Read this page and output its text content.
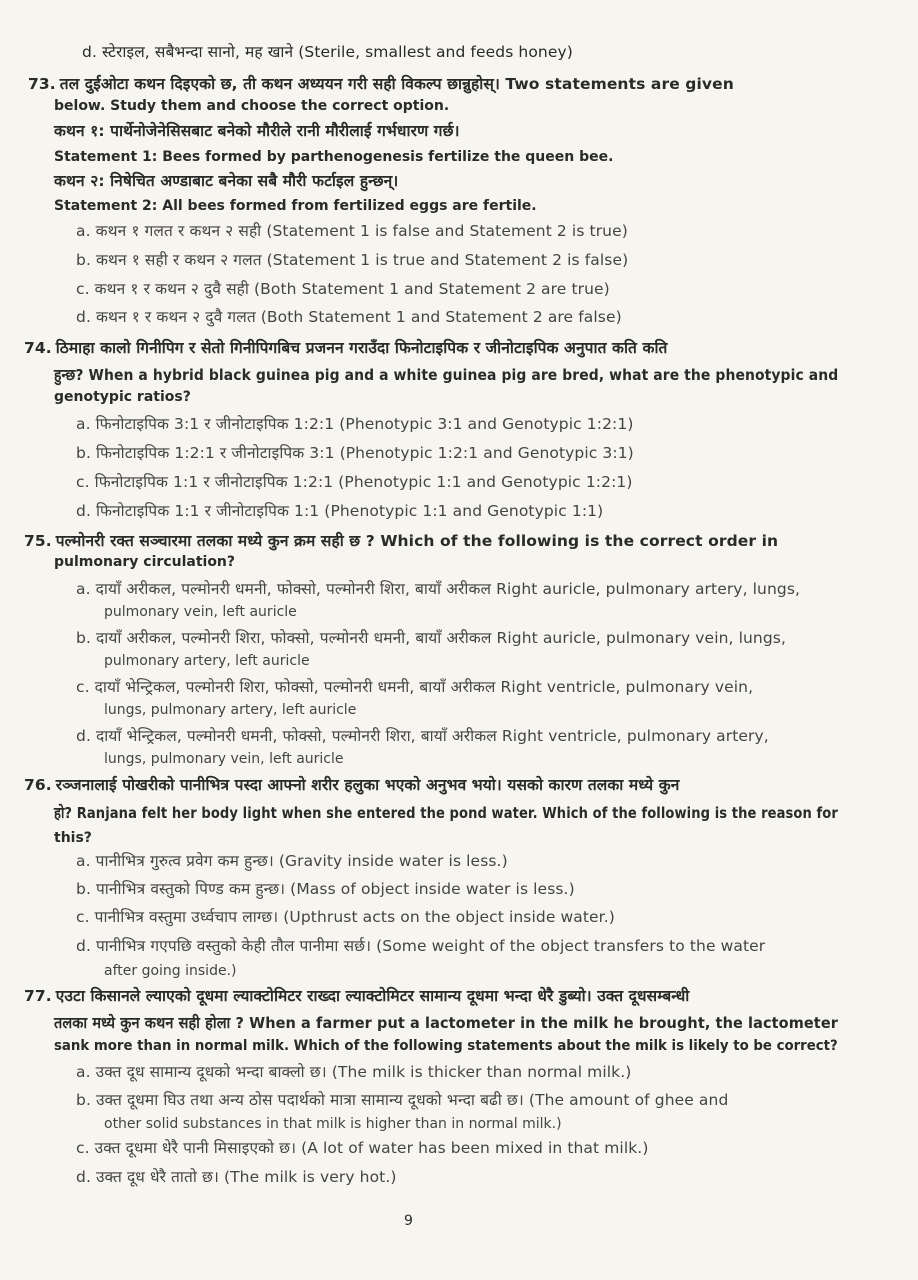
d. स्टेराइल, सबैभन्दा सानो, मह खाने (Sterile, smallest and feeds honey)
73. तल दुईओटा कथन दिइएको छ, ती कथन अध्ययन गरी सही विकल्प छान्नुहोस्। Two statements are given
below. Study them and choose the correct option.
कथन १: पार्थेनोजेनेसिसबाट बनेको मौरीले रानी मौरीलाई गर्भधारण गर्छ।
Statement 1: Bees formed by parthenogenesis fertilize the queen bee.
कथन २: निषेचित अण्डाबाट बनेका सबै मौरी फर्टाइल हुन्छन्।
Statement 2: All bees formed from fertilized eggs are fertile.
a. कथन १ गलत र कथन २ सही (Statement 1 is false and Statement 2 is true)
b. कथन १ सही र कथन २ गलत (Statement 1 is true and Statement 2 is false)
c. कथन १ र कथन २ दुवै सही (Both Statement 1 and Statement 2 are true)
d. कथन १ र कथन २ दुवै गलत (Both Statement 1 and Statement 2 are false)
74. ठिमाहा कालो गिनीपिग र सेतो गिनीपिगबिच प्रजनन गराउँदा फिनोटाइपिक र जीनोटाइपिक अनुपात कति कति
हुन्छ? When a hybrid black guinea pig and a white guinea pig are bred, what are the phenotypic and
genotypic ratios?
a. फिनोटाइपिक 3:1 र जीनोटाइपिक 1:2:1 (Phenotypic 3:1 and Genotypic 1:2:1)
b. फिनोटाइपिक 1:2:1 र जीनोटाइपिक 3:1 (Phenotypic 1:2:1 and Genotypic 3:1)
c. फिनोटाइपिक 1:1 र जीनोटाइपिक 1:2:1 (Phenotypic 1:1 and Genotypic 1:2:1)
d. फिनोटाइपिक 1:1 र जीनोटाइपिक 1:1 (Phenotypic 1:1 and Genotypic 1:1)
75. पल्मोनरी रक्त सञ्चारमा तलका मध्ये कुन क्रम सही छ ? Which of the following is the correct order in
pulmonary circulation?
a. दायाँ अरीकल, पल्मोनरी धमनी, फोक्सो, पल्मोनरी शिरा, बायाँ अरीकल Right auricle, pulmonary artery, lungs,
pulmonary vein, left auricle
b. दायाँ अरीकल, पल्मोनरी शिरा, फोक्सो, पल्मोनरी धमनी, बायाँ अरीकल Right auricle, pulmonary vein, lungs,
pulmonary artery, left auricle
c. दायाँ भेन्ट्रिकल, पल्मोनरी शिरा, फोक्सो, पल्मोनरी धमनी, बायाँ अरीकल Right ventricle, pulmonary vein,
lungs, pulmonary artery, left auricle
d. दायाँ भेन्ट्रिकल, पल्मोनरी धमनी, फोक्सो, पल्मोनरी शिरा, बायाँ अरीकल Right ventricle, pulmonary artery,
lungs, pulmonary vein, left auricle
76. रञ्जनालाई पोखरीको पानीभित्र पस्दा आफ्नो शरीर हलुका भएको अनुभव भयो। यसको कारण तलका मध्ये कुन
हो? Ranjana felt her body light when she entered the pond water. Which of the following is the reason for
this?
a. पानीभित्र गुरुत्व प्रवेग कम हुन्छ। (Gravity inside water is less.)
b. पानीभित्र वस्तुको पिण्ड कम हुन्छ। (Mass of object inside water is less.)
c. पानीभित्र वस्तुमा उर्ध्वचाप लाग्छ। (Upthrust acts on the object inside water.)
d. पानीभित्र गएपछि वस्तुको केही तौल पानीमा सर्छ। (Some weight of the object transfers to the water
after going inside.)
77. एउटा किसानले ल्याएको दूधमा ल्याक्टोमिटर राख्दा ल्याक्टोमिटर सामान्य दूधमा भन्दा धेरै डुब्यो। उक्त दूधसम्बन्धी
तलका मध्ये कुन कथन सही होला ? When a farmer put a lactometer in the milk he brought, the lactometer
sank more than in normal milk. Which of the following statements about the milk is likely to be correct?
a. उक्त दूध सामान्य दूधको भन्दा बाक्लो छ। (The milk is thicker than normal milk.)
b. उक्त दूधमा घिउ तथा अन्य ठोस पदार्थको मात्रा सामान्य दूधको भन्दा बढी छ। (The amount of ghee and
other solid substances in that milk is higher than in normal milk.)
c. उक्त दूधमा धेरै पानी मिसाइएको छ। (A lot of water has been mixed in that milk.)
d. उक्त दूध धेरै तातो छ। (The milk is very hot.)
9
